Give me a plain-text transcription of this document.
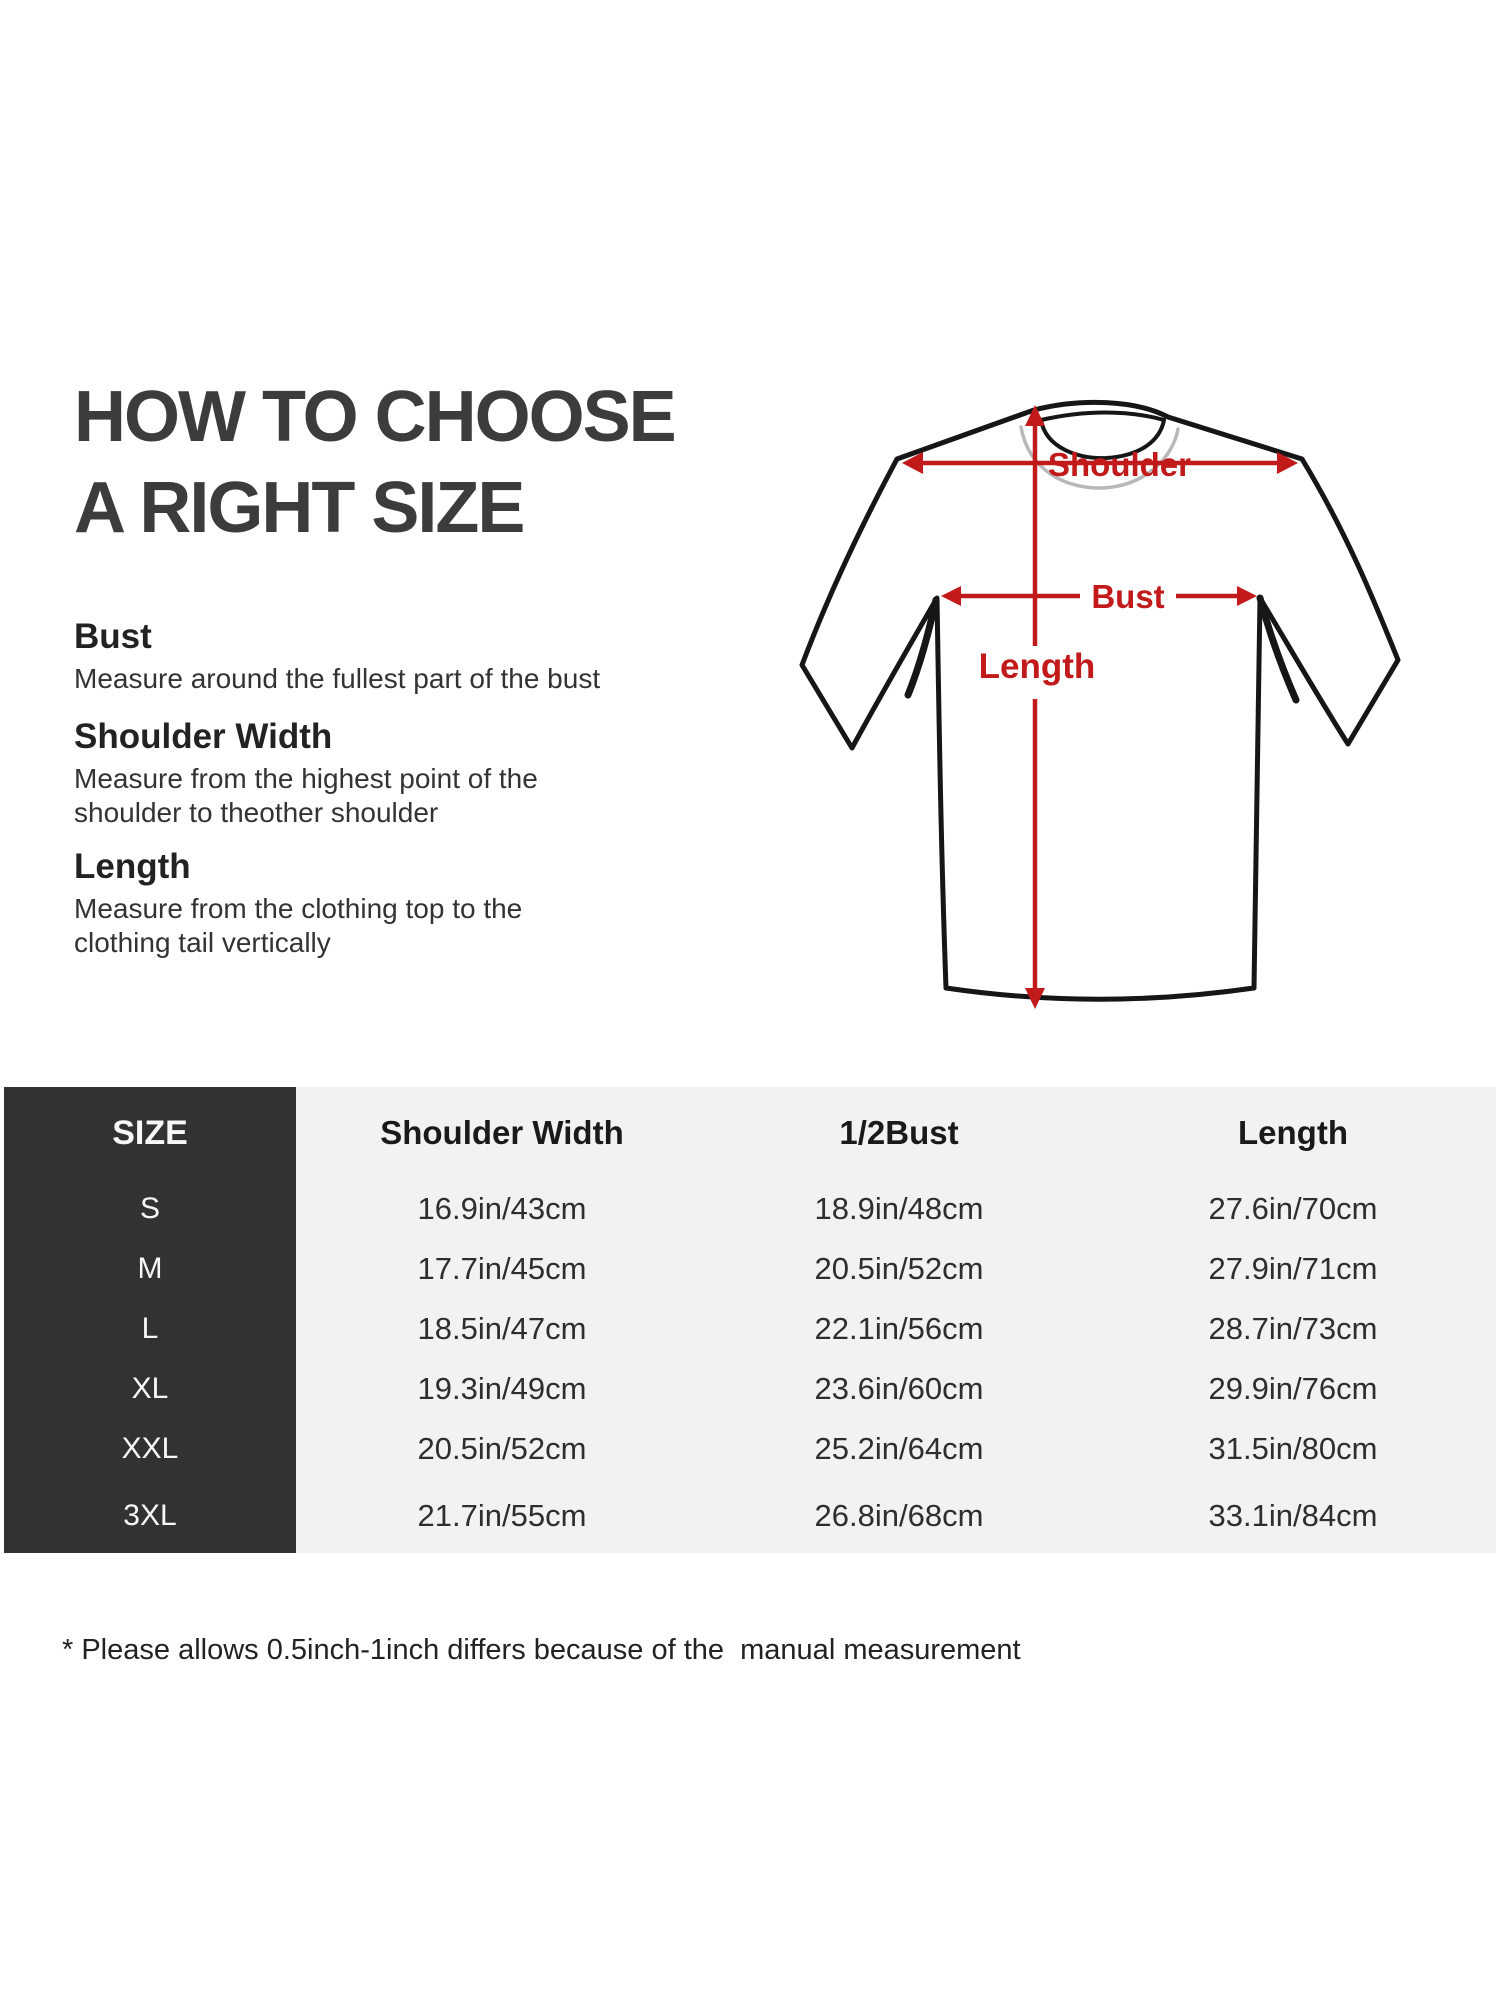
HOW TO CHOOSE
A RIGHT SIZE
Bust
Measure around the fullest part of the bust
Shoulder Width
Measure from the highest point of the shoulder to theother shoulder
Length
Measure from the clothing top to the clothing tail vertically
Shoulder
Length
Bust
SIZE	Shoulder Width	1/2Bust	Length
S	16.9in/43cm	18.9in/48cm	27.6in/70cm
M	17.7in/45cm	20.5in/52cm	27.9in/71cm
L	18.5in/47cm	22.1in/56cm	28.7in/73cm
XL	19.3in/49cm	23.6in/60cm	29.9in/76cm
XXL	20.5in/52cm	25.2in/64cm	31.5in/80cm
3XL	21.7in/55cm	26.8in/68cm	33.1in/84cm
* Please allows 0.5inch-1inch differs because of the  manual measurement
